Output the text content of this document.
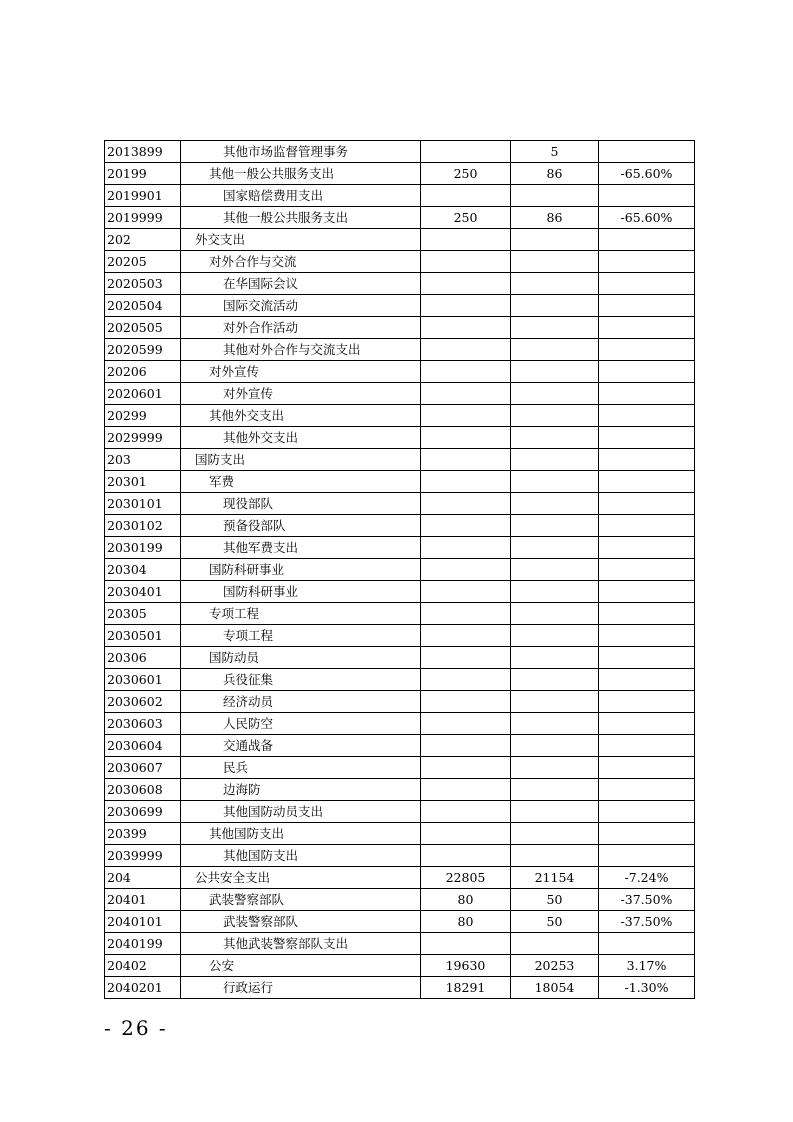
2013899	其他市场监督管理事务		5	
20199	其他一般公共服务支出	250	86	-65.60%
2019901	国家赔偿费用支出			
2019999	其他一般公共服务支出	250	86	-65.60%
202	外交支出			
20205	对外合作与交流			
2020503	在华国际会议			
2020504	国际交流活动			
2020505	对外合作活动			
2020599	其他对外合作与交流支出			
20206	对外宣传			
2020601	对外宣传			
20299	其他外交支出			
2029999	其他外交支出			
203	国防支出			
20301	军费			
2030101	现役部队			
2030102	预备役部队			
2030199	其他军费支出			
20304	国防科研事业			
2030401	国防科研事业			
20305	专项工程			
2030501	专项工程			
20306	国防动员			
2030601	兵役征集			
2030602	经济动员			
2030603	人民防空			
2030604	交通战备			
2030607	民兵			
2030608	边海防			
2030699	其他国防动员支出			
20399	其他国防支出			
2039999	其他国防支出			
204	公共安全支出	22805	21154	-7.24%
20401	武装警察部队	80	50	-37.50%
2040101	武装警察部队	80	50	-37.50%
2040199	其他武装警察部队支出			
20402	公安	19630	20253	3.17%
2040201	行政运行	18291	18054	-1.30%
- 26 -
